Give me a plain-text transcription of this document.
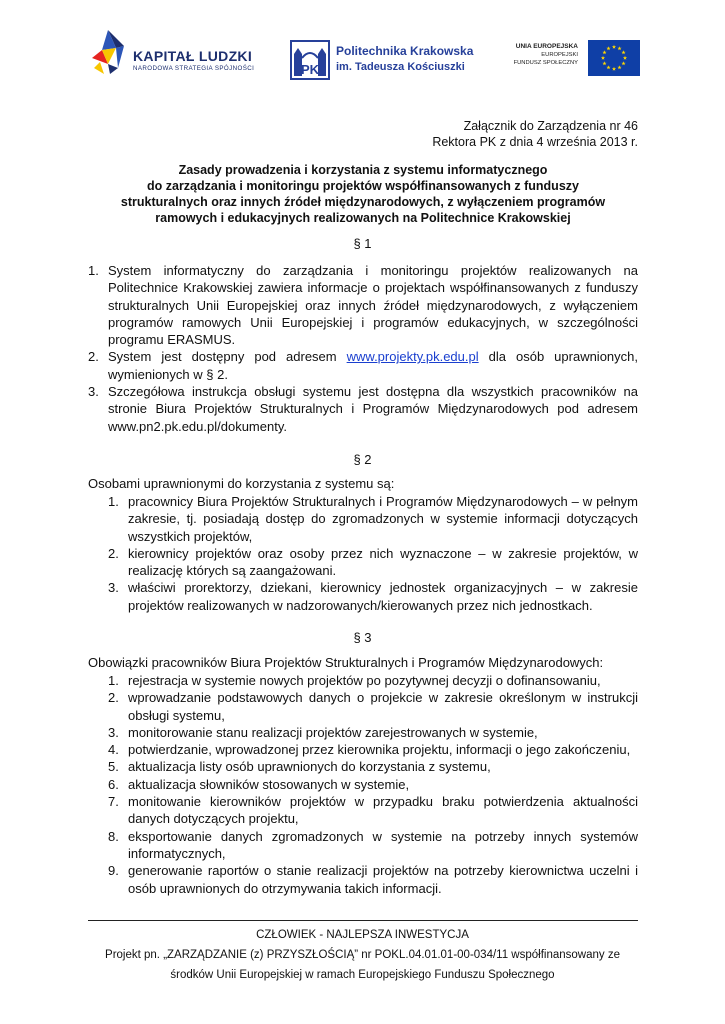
KAPITAŁ LUDZKI
NARODOWA STRATEGIA SPÓJNOŚCI	PK
Politechnika Krakowska
im. Tadeusza Kościuszki
UNIA EUROPEJSKA
EUROPEJSKI
FUNDUSZ SPOŁECZNY
Załącznik do Zarządzenia nr 46
Rektora PK z dnia 4 września 2013 r.
Zasady prowadzenia i korzystania z systemu informatycznego
do zarządzania i monitoringu projektów współfinansowanych z funduszy
strukturalnych oraz innych źródeł międzynarodowych, z wyłączeniem programów
ramowych i edukacyjnych realizowanych na Politechnice Krakowskiej
§ 1
1. System informatyczny do zarządzania i monitoringu projektów realizowanych na Politechnice Krakowskiej zawiera informacje o projektach współfinansowanych z funduszy strukturalnych Unii Europejskiej oraz innych źródeł międzynarodowych, z wyłączeniem programów ramowych Unii Europejskiej i programów edukacyjnych, w szczególności programu ERASMUS.
2. System jest dostępny pod adresem www.projekty.pk.edu.pl dla osób uprawnionych, wymienionych w § 2.
3. Szczegółowa instrukcja obsługi systemu jest dostępna dla wszystkich pracowników na stronie Biura Projektów Strukturalnych i Programów Międzynarodowych pod adresem www.pn2.pk.edu.pl/dokumenty.
§ 2
Osobami uprawnionymi do korzystania z systemu są:
1. pracownicy Biura Projektów Strukturalnych i Programów Międzynarodowych – w pełnym zakresie, tj. posiadają dostęp do zgromadzonych w systemie informacji dotyczących wszystkich projektów,
2. kierownicy projektów oraz osoby przez nich wyznaczone – w zakresie projektów, w realizację których są zaangażowani.
3. właściwi prorektorzy, dziekani, kierownicy jednostek organizacyjnych – w zakresie projektów realizowanych w nadzorowanych/kierowanych przez nich jednostkach.
§ 3
Obowiązki pracowników Biura Projektów Strukturalnych i Programów Międzynarodowych:
1. rejestracja w systemie nowych projektów po pozytywnej decyzji o dofinansowaniu,
2. wprowadzanie podstawowych danych o projekcie w zakresie określonym w instrukcji obsługi systemu,
3. monitorowanie stanu realizacji projektów zarejestrowanych w systemie,
4. potwierdzanie, wprowadzonej przez kierownika projektu, informacji o jego zakończeniu,
5. aktualizacja listy osób uprawnionych do korzystania z systemu,
6. aktualizacja słowników stosowanych w systemie,
7. monitowanie kierowników projektów w przypadku braku potwierdzenia aktualności danych dotyczących projektu,
8. eksportowanie danych zgromadzonych w systemie na potrzeby innych systemów informatycznych,
9. generowanie raportów o stanie realizacji projektów na potrzeby kierownictwa uczelni i osób uprawnionych do otrzymywania takich informacji.
CZŁOWIEK - NAJLEPSZA INWESTYCJA
Projekt pn. „ZARZĄDZANIE (z) PRZYSZŁOŚCIĄ” nr POKL.04.01.01-00-034/11 współfinansowany ze
środków Unii Europejskiej w ramach Europejskiego Funduszu Społecznego
